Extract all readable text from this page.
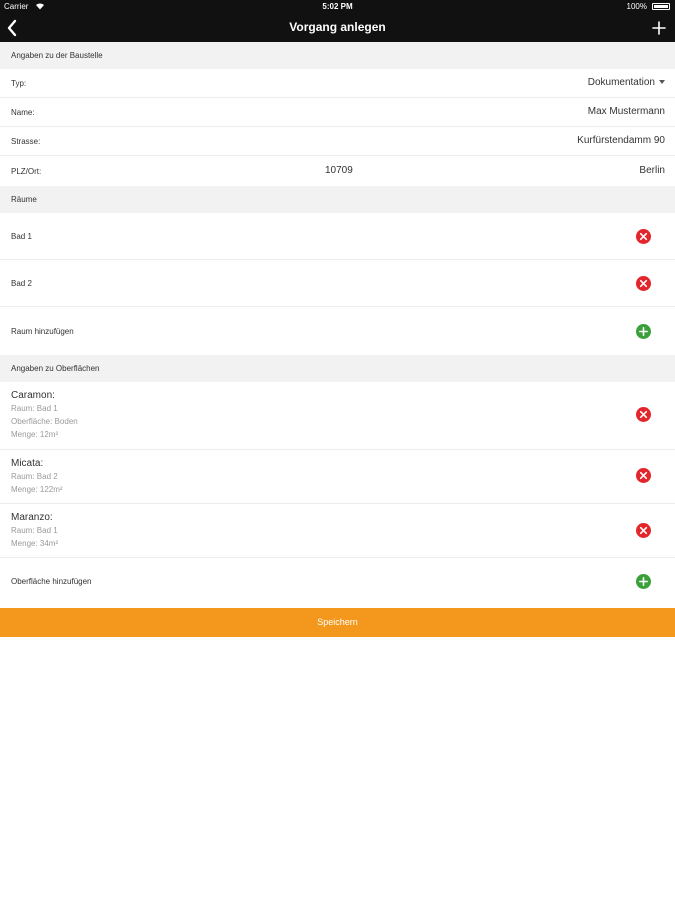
Carrier	5:02 PM	100%
Vorgang anlegen
Angaben zu der Baustelle
Typ:	Dokumentation
Name:	Max Mustermann
Strasse:	Kurfürstendamm 90
PLZ/Ort:	10709	Berlin
Räume
Bad 1
Bad 2
Raum hinzufügen
Angaben zu Oberflächen
Caramon:
Raum: Bad 1
Oberfläche: Boden
Menge: 12m²
Micata:
Raum: Bad 2
Menge: 122m²
Maranzo:
Raum: Bad 1
Menge: 34m²
Oberfläche hinzufügen
Speichern
